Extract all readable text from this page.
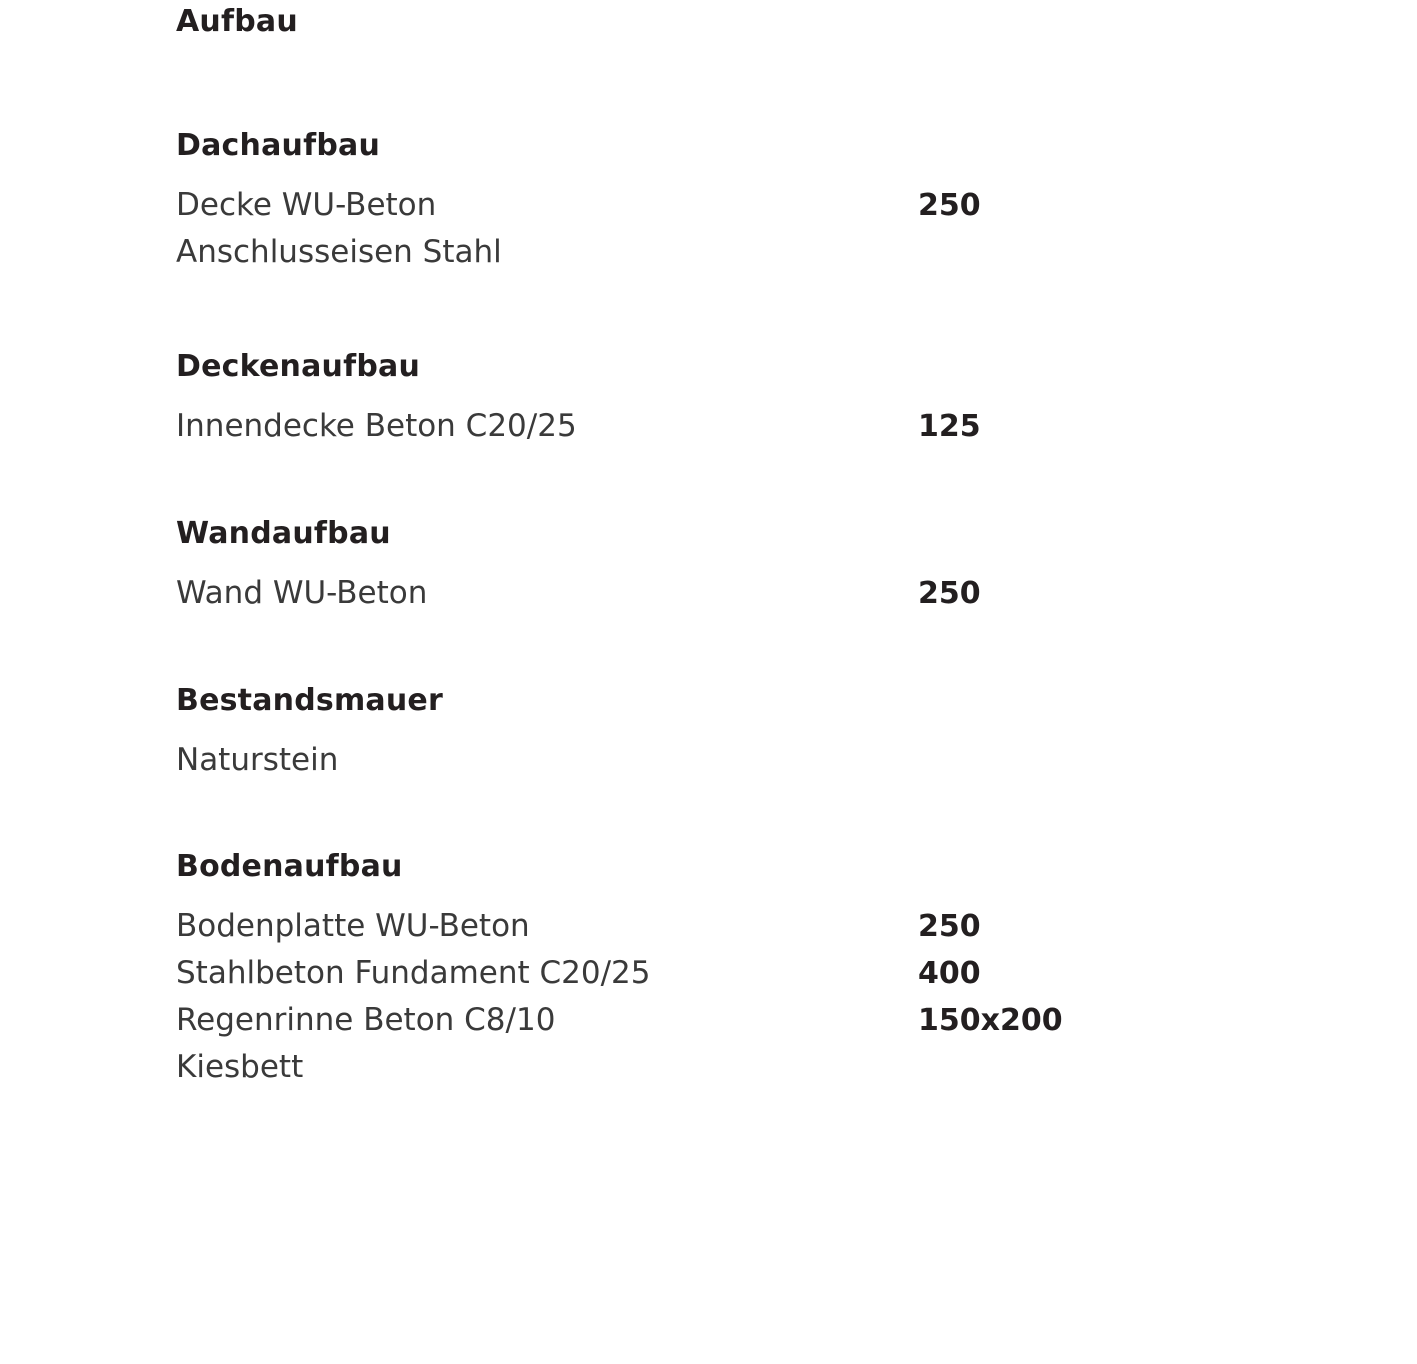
Aufbau
Dachaufbau
Decke WU-Beton	250
Anschlusseisen Stahl
Deckenaufbau
Innendecke Beton C20/25	125
Wandaufbau
Wand WU-Beton	250
Bestandsmauer
Naturstein
Bodenaufbau
Bodenplatte WU-Beton	250
Stahlbeton Fundament C20/25	400
Regenrinne Beton C8/10	150x200
Kiesbett
